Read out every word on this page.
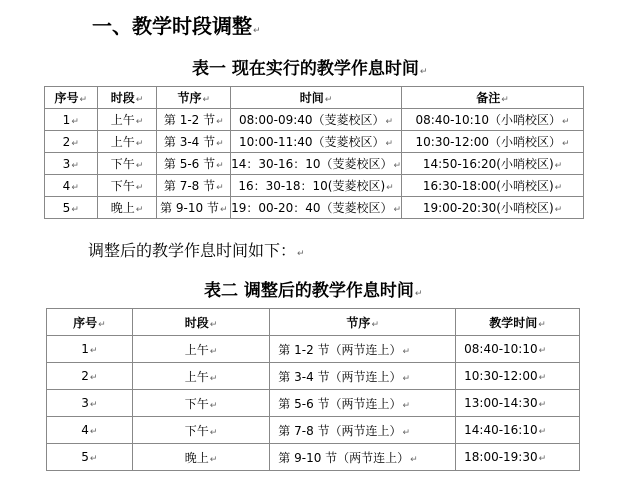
一、教学时段调整↵
表一 现在实行的教学作息时间↵
序号↵	时段↵	节序↵	时间↵	备注↵
1↵	上午↵	第 1-2 节↵	08:00-09:40（芰菱校区）↵	08:40-10:10（小哨校区）↵
2↵	上午↵	第 3-4 节↵	10:00-11:40（芰菱校区）↵	10:30-12:00（小哨校区）↵
3↵	下午↵	第 5-6 节↵	14：30-16：10（芰菱校区）↵	14:50-16:20(小哨校区)↵
4↵	下午↵	第 7-8 节↵	16：30-18：10(芰菱校区)↵	16:30-18:00(小哨校区)↵
5↵	晚上↵	第 9-10 节↵	19：00-20：40（芰菱校区）↵	19:00-20:30(小哨校区)↵
调整后的教学作息时间如下：↵
表二 调整后的教学作息时间↵
序号↵	时段↵	节序↵	教学时间↵
1↵	上午↵	第 1-2 节（两节连上）↵	08:40-10:10↵
2↵	上午↵	第 3-4 节（两节连上）↵	10:30-12:00↵
3↵	下午↵	第 5-6 节（两节连上）↵	13:00-14:30↵
4↵	下午↵	第 7-8 节（两节连上）↵	14:40-16:10↵
5↵	晚上↵	第 9-10 节（两节连上）↵	18:00-19:30↵
